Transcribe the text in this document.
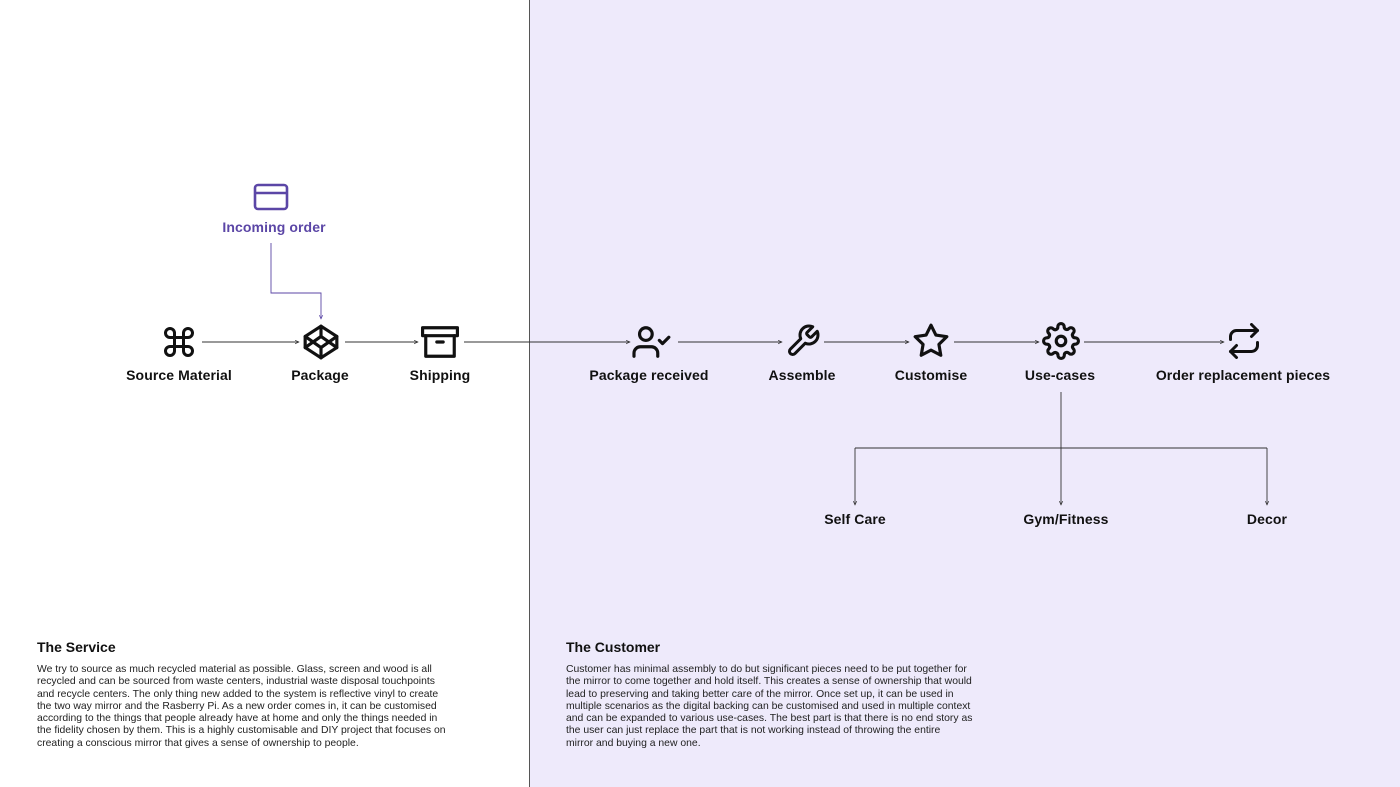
Incoming order
Source Material	Package	Shipping	Package received	Assemble	Customise	Use-cases	Order replacement pieces
Self Care	Gym/Fitness	Decor
The Service
We try to source as much recycled material as possible. Glass, screen and wood is all
recycled and can be sourced from waste centers, industrial waste disposal touchpoints
and recycle centers. The only thing new added to the system is reflective vinyl to create
the two way mirror and the Rasberry Pi. As a new order comes in, it can be customised
according to the things that people already have at home and only the things needed in
the fidelity chosen by them. This is a highly customisable and DIY project that focuses on
creating a conscious mirror that gives a sense of ownership to people.
The Customer
Customer has minimal assembly to do but significant pieces need to be put together for
the mirror to come together and hold itself. This creates a sense of ownership that would
lead to preserving and taking better care of the mirror. Once set up, it can be used in
multiple scenarios as the digital backing can be customised and used in multiple context
and can be expanded to various use-cases. The best part is that there is no end story as
the user can just replace the part that is not working instead of throwing the entire
mirror and buying a new one.
